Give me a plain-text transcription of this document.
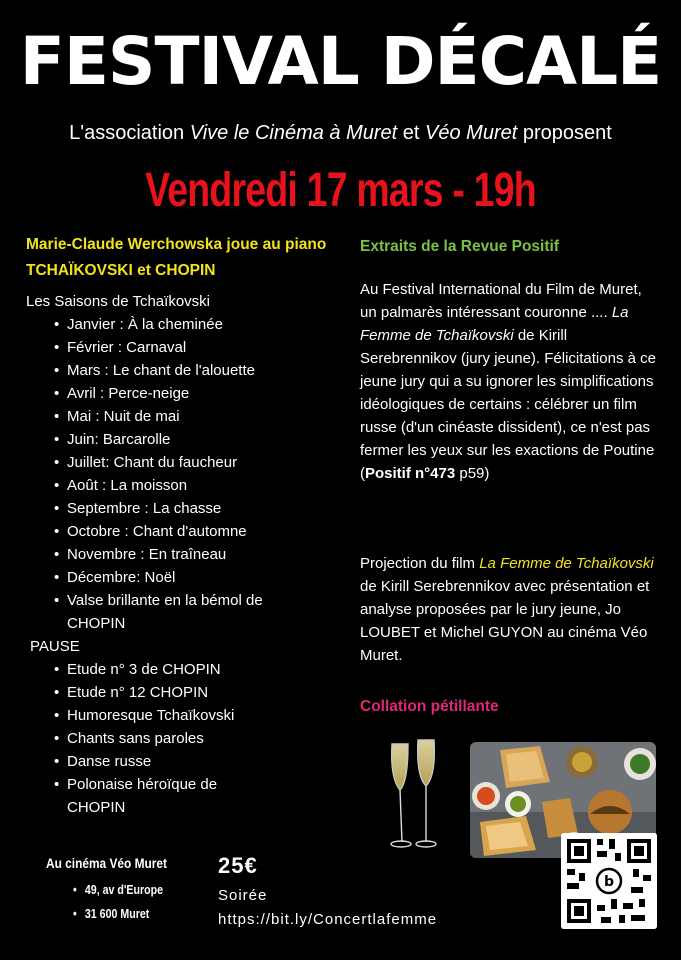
FESTIVAL DÉCALÉ
L'association Vive le Cinéma à Muret et Véo Muret proposent
Vendredi 17 mars - 19h
Marie-Claude Werchowska joue au piano TCHAÏKOVSKI et CHOPIN
Les Saisons de Tchaïkovski
• Janvier : À la cheminée
• Février : Carnaval
• Mars : Le chant de l'alouette
• Avril : Perce-neige
• Mai : Nuit de mai
• Juin: Barcarolle
• Juillet: Chant du faucheur
• Août : La moisson
• Septembre : La chasse
• Octobre : Chant d'automne
• Novembre : En traîneau
• Décembre: Noël
• Valse brillante en la bémol de
CHOPIN
PAUSE
• Etude n° 3 de CHOPIN
• Etude n° 12 CHOPIN
• Humoresque Tchaïkovski
• Chants sans paroles
• Danse russe
• Polonaise héroïque de
CHOPIN
Extraits de la Revue Positif
Au Festival International du Film de Muret, un palmarès intéressant couronne .... La Femme de Tchaïkovski de Kirill Serebrennikov (jury jeune). Félicitations à ce jeune jury qui a su ignorer les simplifications idéologiques de certains : célébrer un film russe (d'un cinéaste dissident), ce n'est pas fermer les yeux sur les exactions de Poutine (Positif n°473 p59)
Projection du film La Femme de Tchaïkovski de Kirill Serebrennikov avec présentation et analyse proposées par le jury jeune, Jo LOUBET et Michel GUYON au cinéma Véo Muret.
Collation pétillante
b
Au cinéma Véo Muret
• 49, av d'Europe
• 31 600 Muret
25€
Soirée
https://bit.ly/Concertlafemme
